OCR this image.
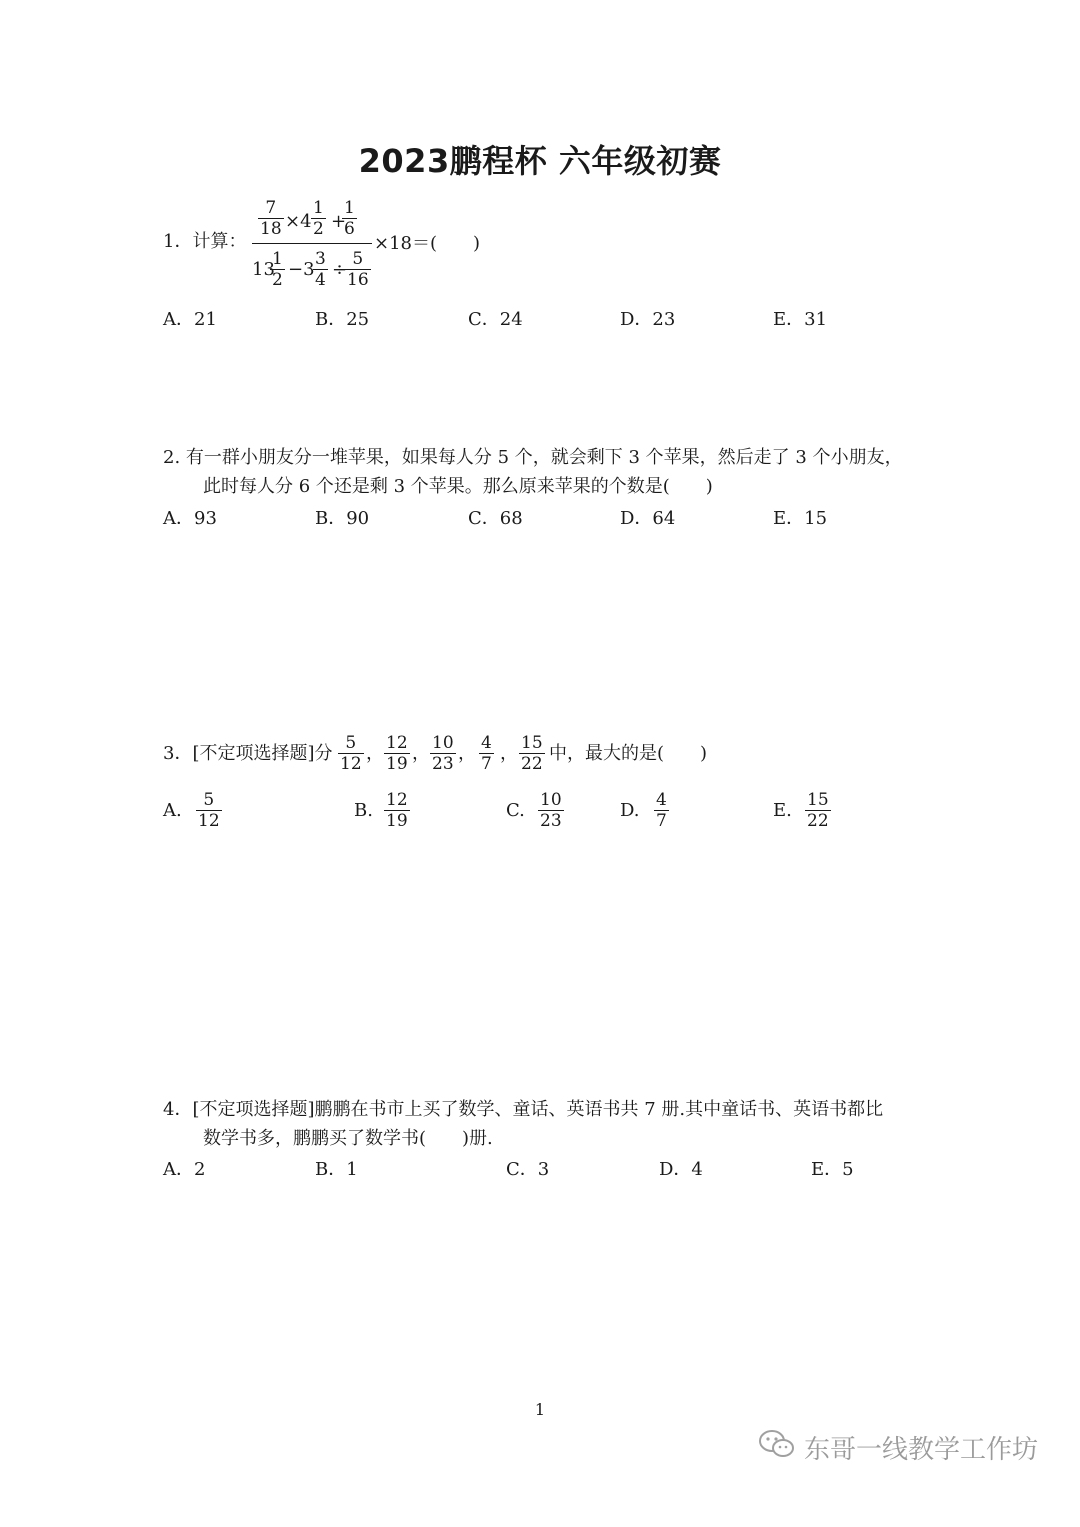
2023鹏程杯 六年级初赛
1．计算：
7
18 ×4
1
2 +
1
6
13
1
2 −3 3
4 ÷ 5
16
×18＝(　　)
A．21	B．25	C．24	D．23	E．31
2. 有一群小朋友分一堆苹果，如果每人分 5 个，就会剩下 3 个苹果，然后走了 3 个小朋友，
此时每人分 6 个还是剩 3 个苹果。那么原来苹果的个数是(　　)
A．93	B．90	C．68	D．64	E．15
3．[不定项选择题]分 5
12 ， 12
19 ， 10
23 ， 4
7 ， 15
22 中，最大的是(　　)
A.	5
12	B. 12
19	C. 10
23	D. 4
7	E. 15
22
4．[不定项选择题]鹏鹏在书市上买了数学、童话、英语书共 7 册.其中童话书、英语书都比
数学书多，鹏鹏买了数学书(　　)册.
A．2	B．1	C．3	D．4	E．5
1
东哥一线教学工作坊
